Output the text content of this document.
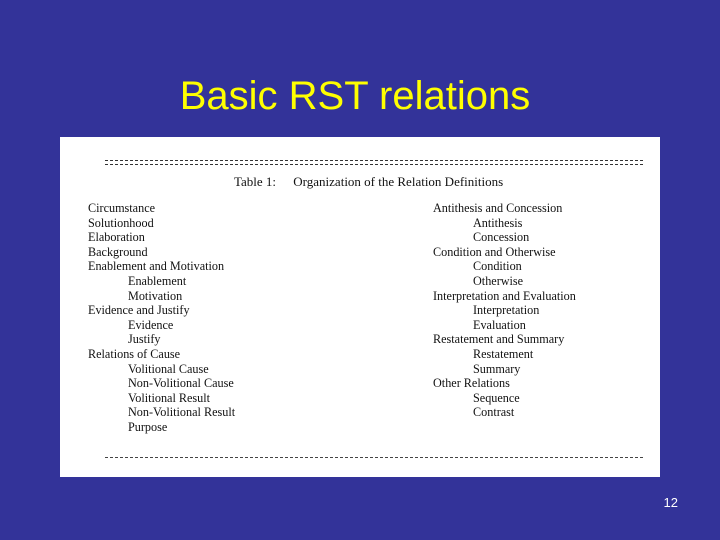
Basic RST relations
Table 1: Organization of the Relation Definitions
Circumstance
Solutionhood
Elaboration
Background
Enablement and Motivation
Enablement
Motivation
Evidence and Justify
Evidence
Justify
Relations of Cause
Volitional Cause
Non-Volitional Cause
Volitional Result
Non-Volitional Result
Purpose
Antithesis and Concession
Antithesis
Concession
Condition and Otherwise
Condition
Otherwise
Interpretation and Evaluation
Interpretation
Evaluation
Restatement and Summary
Restatement
Summary
Other Relations
Sequence
Contrast
12
